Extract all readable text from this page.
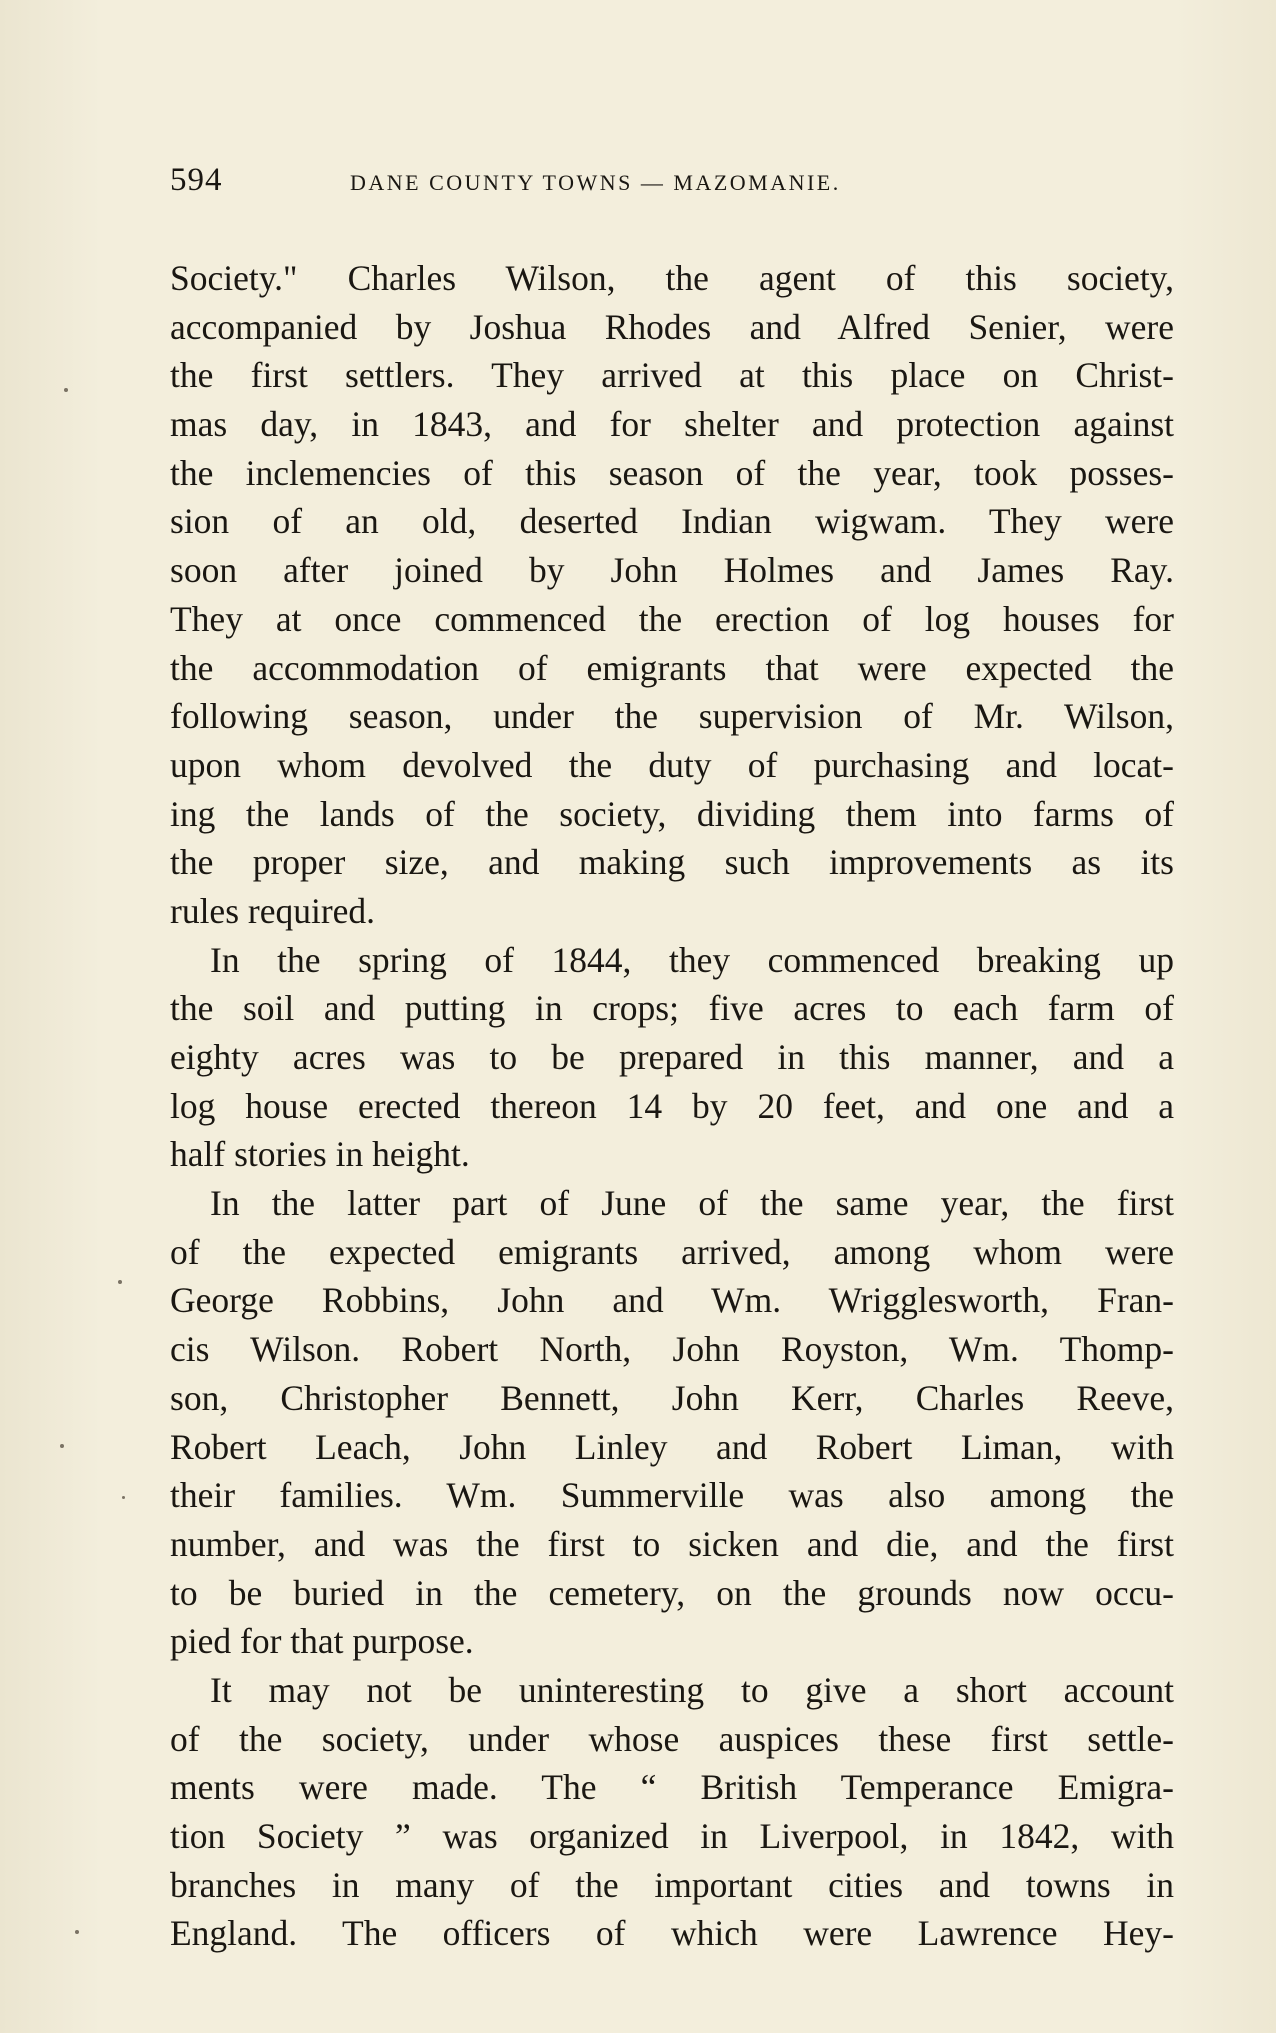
594	DANE COUNTY TOWNS — MAZOMANIE.
Society." Charles Wilson, the agent of this society,
accompanied by Joshua Rhodes and Alfred Senier, were
the first settlers. They arrived at this place on Christ-
mas day, in 1843, and for shelter and protection against
the inclemencies of this season of the year, took posses-
sion of an old, deserted Indian wigwam. They were
soon after joined by John Holmes and James Ray.
They at once commenced the erection of log houses for
the accommodation of emigrants that were expected the
following season, under the supervision of Mr. Wilson,
upon whom devolved the duty of purchasing and locat-
ing the lands of the society, dividing them into farms of
the proper size, and making such improvements as its
rules required.
In the spring of 1844, they commenced breaking up
the soil and putting in crops; five acres to each farm of
eighty acres was to be prepared in this manner, and a
log house erected thereon 14 by 20 feet, and one and a
half stories in height.
In the latter part of June of the same year, the first
of the expected emigrants arrived, among whom were
George Robbins, John and Wm. Wrigglesworth, Fran-
cis Wilson. Robert North, John Royston, Wm. Thomp-
son, Christopher Bennett, John Kerr, Charles Reeve,
Robert Leach, John Linley and Robert Liman, with
their families. Wm. Summerville was also among the
number, and was the first to sicken and die, and the first
to be buried in the cemetery, on the grounds now occu-
pied for that purpose.
It may not be uninteresting to give a short account
of the society, under whose auspices these first settle-
ments were made. The “ British Temperance Emigra-
tion Society ” was organized in Liverpool, in 1842, with
branches in many of the important cities and towns in
England. The officers of which were Lawrence Hey-
